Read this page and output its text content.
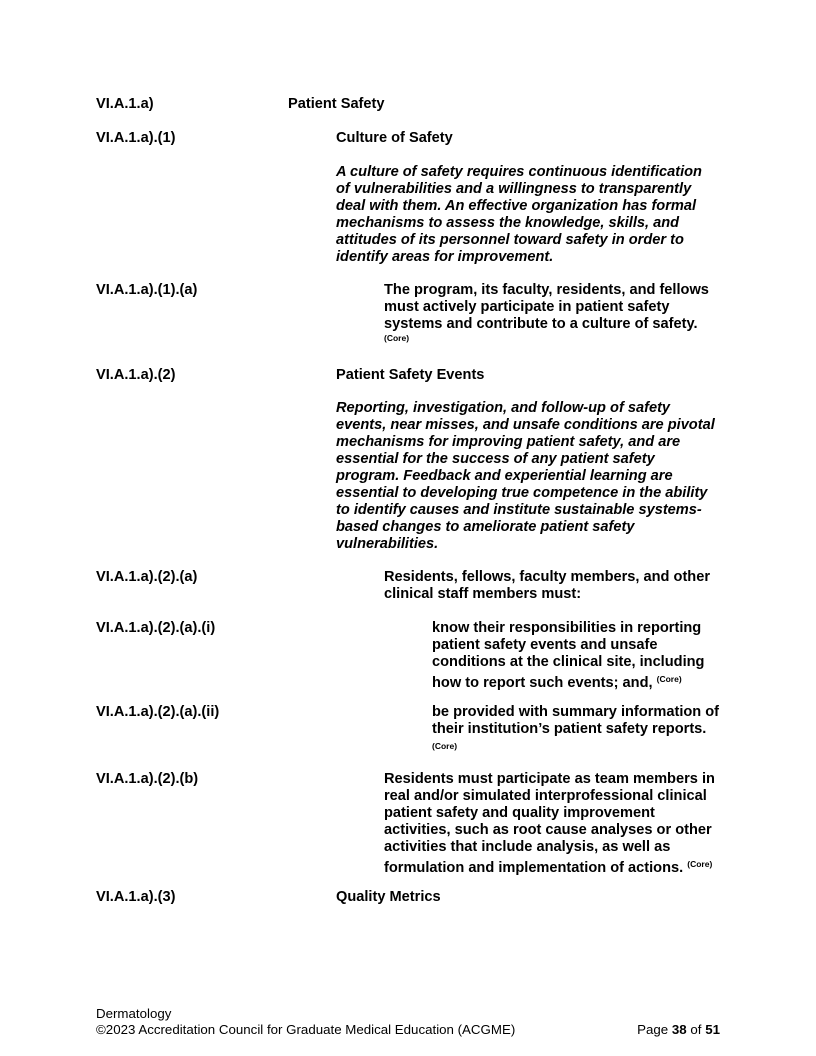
VI.A.1.a)	Patient Safety
VI.A.1.a).(1)	Culture of Safety
A culture of safety requires continuous identification of vulnerabilities and a willingness to transparently deal with them. An effective organization has formal mechanisms to assess the knowledge, skills, and attitudes of its personnel toward safety in order to identify areas for improvement.
VI.A.1.a).(1).(a)	The program, its faculty, residents, and fellows must actively participate in patient safety systems and contribute to a culture of safety.
(Core)
VI.A.1.a).(2)	Patient Safety Events
Reporting, investigation, and follow-up of safety events, near misses, and unsafe conditions are pivotal mechanisms for improving patient safety, and are essential for the success of any patient safety program. Feedback and experiential learning are essential to developing true competence in the ability to identify causes and institute sustainable systems-based changes to ameliorate patient safety vulnerabilities.
VI.A.1.a).(2).(a)	Residents, fellows, faculty members, and other clinical staff members must:
VI.A.1.a).(2).(a).(i)	know their responsibilities in reporting patient safety events and unsafe conditions at the clinical site, including how to report such events; and, $^{(Core)}$
VI.A.1.a).(2).(a).(ii)	be provided with summary information of their institution’s patient safety reports. $^{(Core)}$
VI.A.1.a).(2).(b)	Residents must participate as team members in real and/or simulated interprofessional clinical patient safety and quality improvement activities, such as root cause analyses or other activities that include analysis, as well as formulation and implementation of actions. $^{(Core)}$
VI.A.1.a).(3)	Quality Metrics
Dermatology
©2023 Accreditation Council for Graduate Medical Education (ACGME)	Page 38 of 51
